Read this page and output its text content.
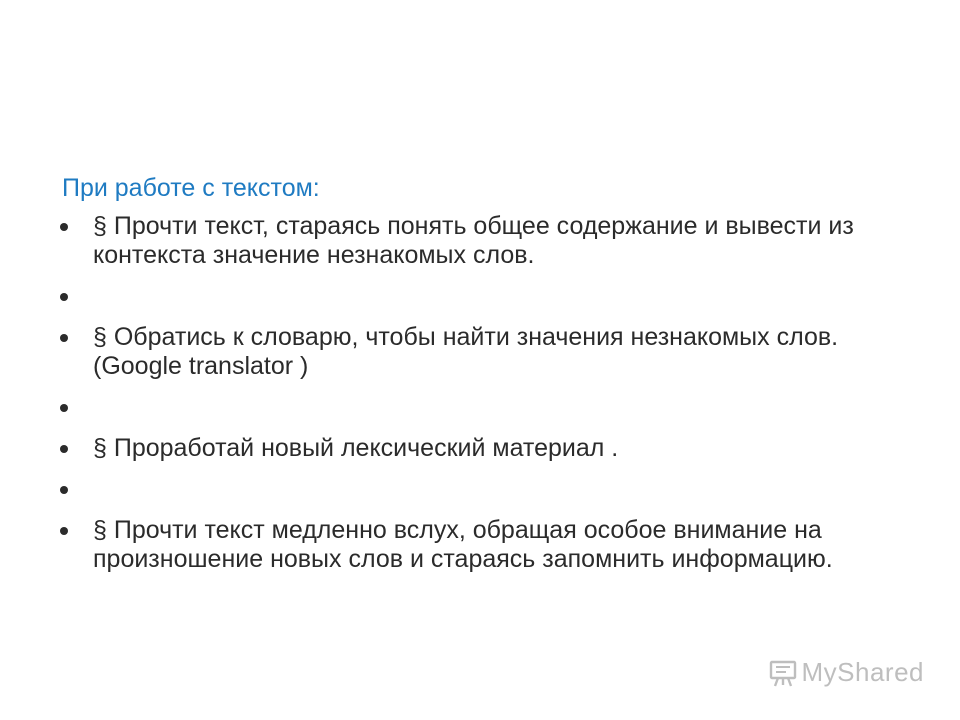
При работе с текстом:
§ Прочти текст, стараясь понять общее содержание и вывести из контекста значение незнакомых слов.
§ Обратись к словарю, чтобы найти значения незнакомых слов. (Google translator )
§ Проработай новый лексический материал .
§ Прочти текст медленно вслух, обращая особое внимание на произношение новых слов и стараясь запомнить информацию.
MyShared
